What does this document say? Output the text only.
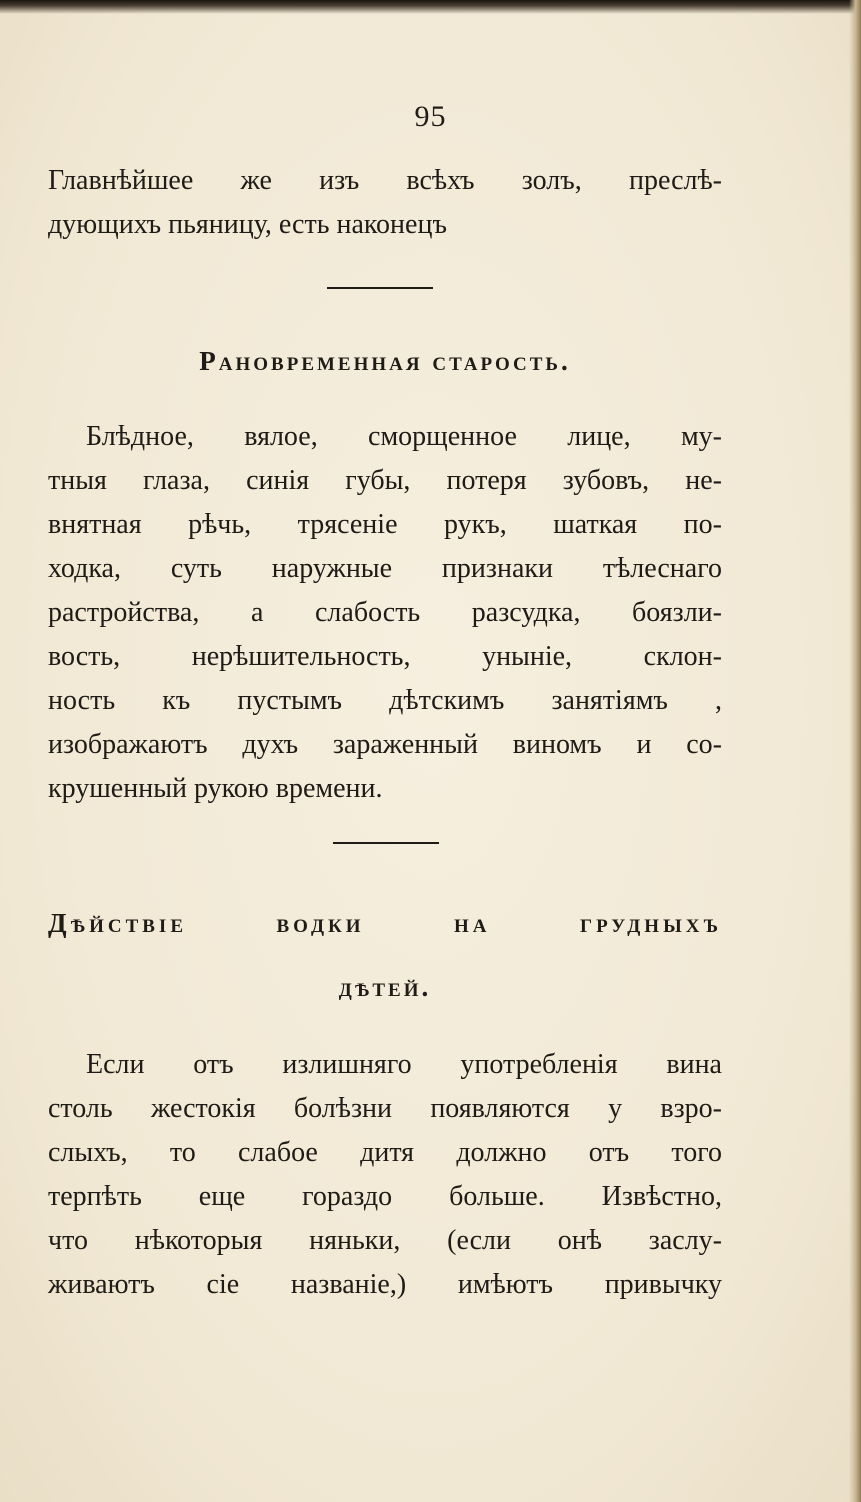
95
Главнѣйшее же изъ всѣхъ золъ, преслѣ-
дующихъ пьяницу, есть наконецъ
Рановременная старость.
Блѣдное, вялое, сморщенное лице, му-
тныя глаза, синія губы, потеря зубовъ, не-
внятная рѣчь, трясеніе рукъ, шаткая по-
ходка, суть наружные признаки тѣлеснаго
растройства, а слабость разсудка, боязли-
вость, нерѣшительность, уныніе, склон-
ность къ пустымъ дѣтскимъ занятіямъ ,
изображаютъ духъ зараженный виномъ и со-
крушенный рукою времени.
Дѣйствіе водки на грудныхъ
дѣтей.
Если отъ излишняго употребленія вина
столь жестокія болѣзни появляются у взро-
слыхъ, то слабое дитя должно отъ того
терпѣть еще гораздо больше. Извѣстно,
что нѣкоторыя няньки, (если онѣ заслу-
живаютъ сіе названіе,) имѣютъ привычку
